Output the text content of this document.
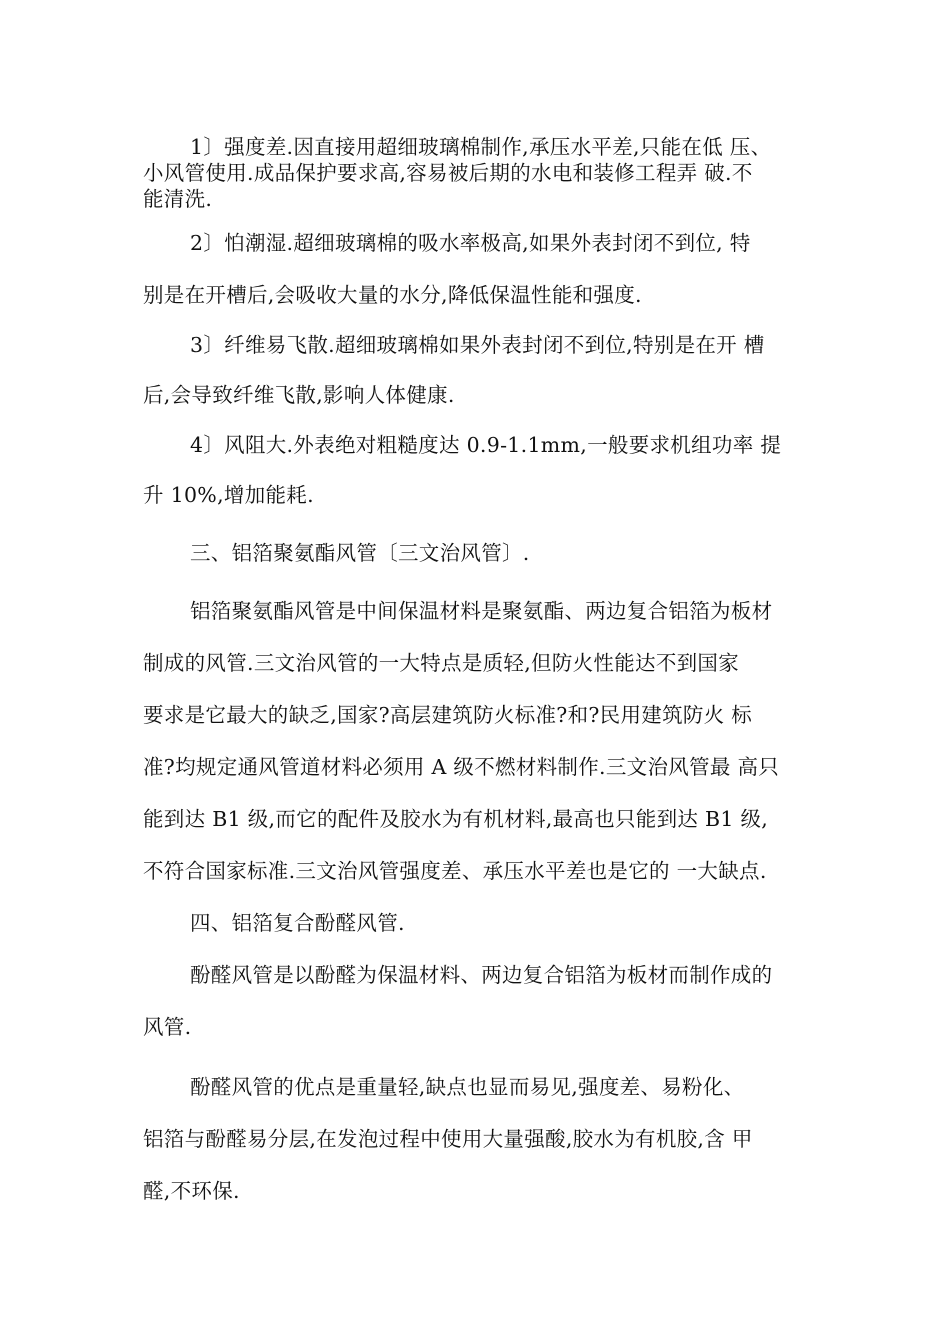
1〕强度差.因直接用超细玻璃棉制作,承压水平差,只能在低 压、
小风管使用.成品保护要求高,容易被后期的水电和装修工程弄 破.不
能清洗.
2〕怕潮湿.超细玻璃棉的吸水率极高,如果外表封闭不到位, 特
别是在开槽后,会吸收大量的水分,降低保温性能和强度.
3〕纤维易飞散.超细玻璃棉如果外表封闭不到位,特别是在开 槽
后,会导致纤维飞散,影响人体健康.
4〕风阻大.外表绝对粗糙度达 0.9-1.1mm,一般要求机组功率 提
升 10%,增加能耗.
三、铝箔聚氨酯风管〔三文治风管〕.
铝箔聚氨酯风管是中间保温材料是聚氨酯、两边复合铝箔为板材
制成的风管.三文治风管的一大特点是质轻,但防火性能达不到国家
要求是它最大的缺乏,国家?高层建筑防火标准?和?民用建筑防火 标
准?均规定通风管道材料必须用 A 级不燃材料制作.三文治风管最 高只
能到达 B1 级,而它的配件及胶水为有机材料,最高也只能到达 B1 级,
不符合国家标准.三文治风管强度差、承压水平差也是它的 一大缺点.
四、铝箔复合酚醛风管.
酚醛风管是以酚醛为保温材料、两边复合铝箔为板材而制作成的
风管.
酚醛风管的优点是重量轻,缺点也显而易见,强度差、易粉化、
铝箔与酚醛易分层,在发泡过程中使用大量强酸,胶水为有机胶,含 甲
醛,不环保.
